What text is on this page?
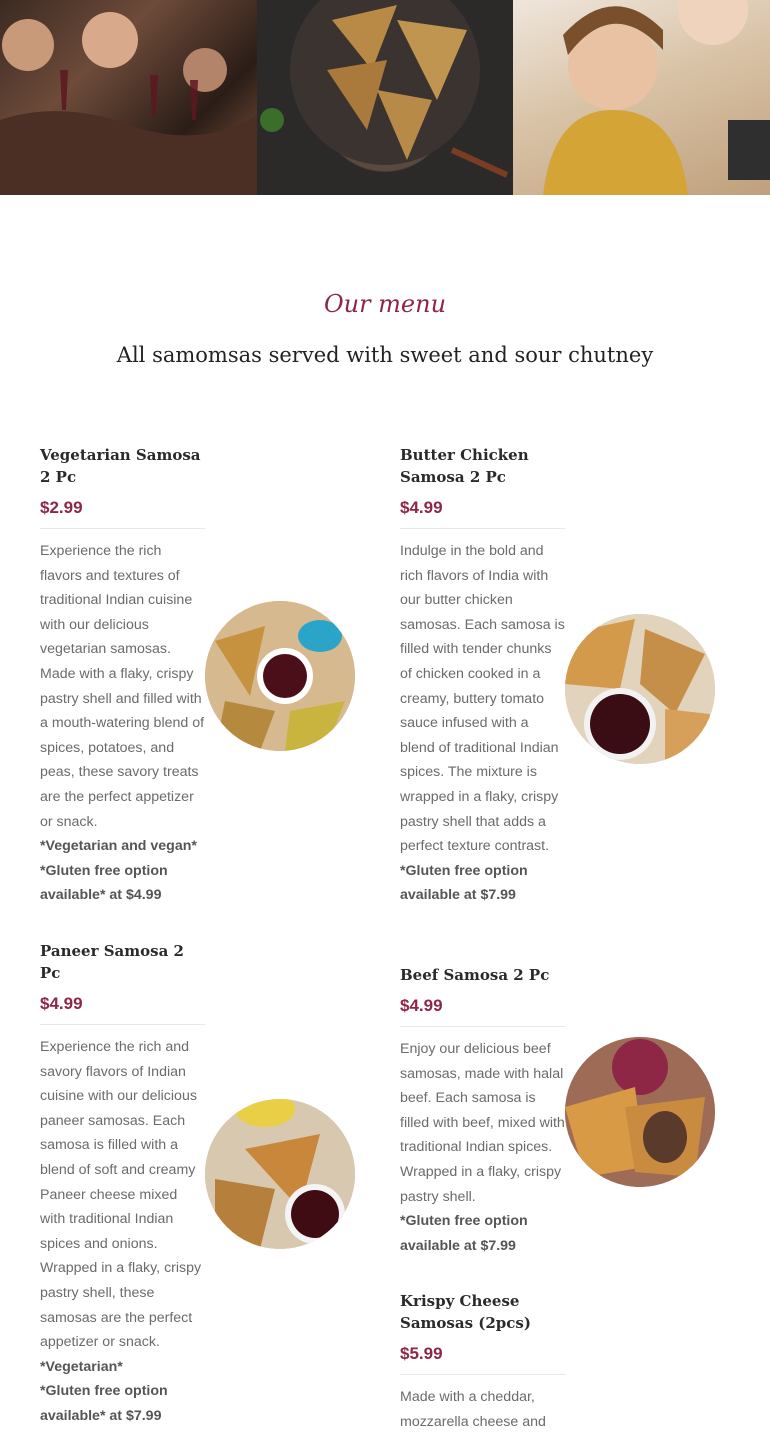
Our menu
All samomsas served with sweet and sour chutney
Vegetarian Samosa 2 Pc
$2.99
Experience the rich flavors and textures of traditional Indian cuisine with our delicious vegetarian samosas. Made with a flaky, crispy pastry shell and filled with a mouth-watering blend of spices, potatoes, and peas, these savory treats are the perfect appetizer or snack.
*Vegetarian and vegan*
*Gluten free option available* at $4.99
Butter Chicken Samosa 2 Pc
$4.99
Indulge in the bold and rich flavors of India with our butter chicken samosas. Each samosa is filled with tender chunks of chicken cooked in a creamy, buttery tomato sauce infused with a blend of traditional Indian spices. The mixture is wrapped in a flaky, crispy pastry shell that adds a perfect texture contrast.
*Gluten free option available at $7.99
Paneer Samosa 2 Pc
$4.99
Experience the rich and savory flavors of Indian cuisine with our delicious paneer samosas. Each samosa is filled with a blend of soft and creamy Paneer cheese mixed with traditional Indian spices and onions. Wrapped in a flaky, crispy pastry shell, these samosas are the perfect appetizer or snack.
*Vegetarian*
*Gluten free option available* at $7.99
Beef Samosa 2 Pc
$4.99
Enjoy our delicious beef samosas, made with halal beef. Each samosa is filled with beef, mixed with traditional Indian spices. Wrapped in a flaky, crispy pastry shell.
*Gluten free option available at $7.99
Krispy Cheese Samosas (2pcs)
$5.99
Made with a cheddar, mozzarella cheese and
